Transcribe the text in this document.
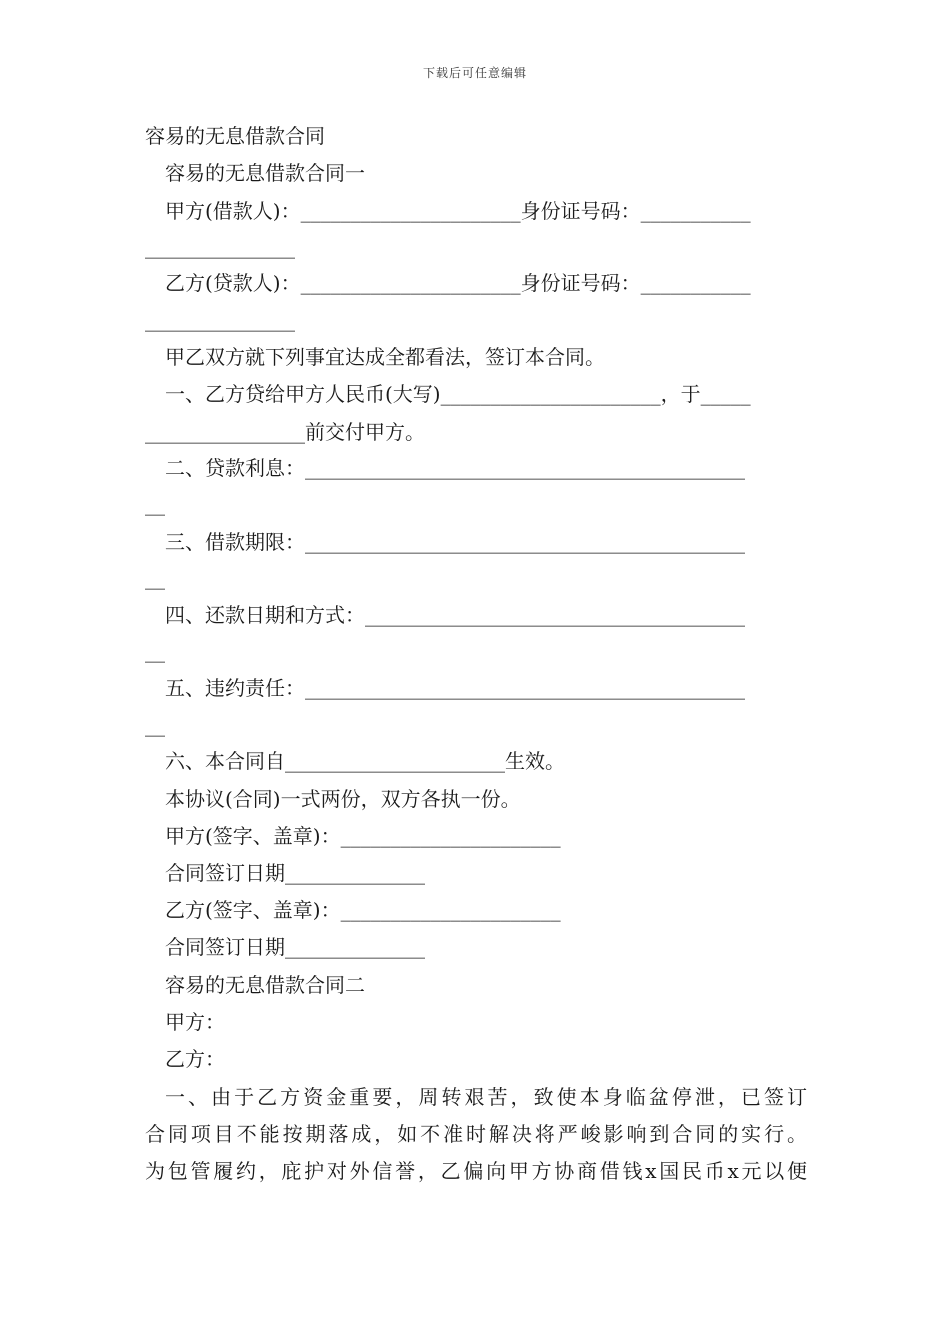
下载后可任意编辑
容易的无息借款合同
容易的无息借款合同一
甲方(借款人)：______________________身份证号码：___________
_______________
乙方(贷款人)：______________________身份证号码：___________
_______________
甲乙双方就下列事宜达成全都看法，签订本合同。
一、乙方贷给甲方人民币(大写)______________________，于_____
________________前交付甲方。
二、贷款利息：____________________________________________
__
三、借款期限：____________________________________________
__
四、还款日期和方式：______________________________________
__
五、违约责任：____________________________________________
__
六、本合同自______________________生效。
本协议(合同)一式两份，双方各执一份。
甲方(签字、盖章)：______________________
合同签订日期______________
乙方(签字、盖章)：______________________
合同签订日期______________
容易的无息借款合同二
甲方：
乙方：
一、由于乙方资金重要，周转艰苦，致使本身临盆停泄，已签订
合同项目不能按期落成，如不准时解决将严峻影响到合同的实行。
为包管履约，庇护对外信誉，乙偏向甲方协商借钱x国民币x元以便
